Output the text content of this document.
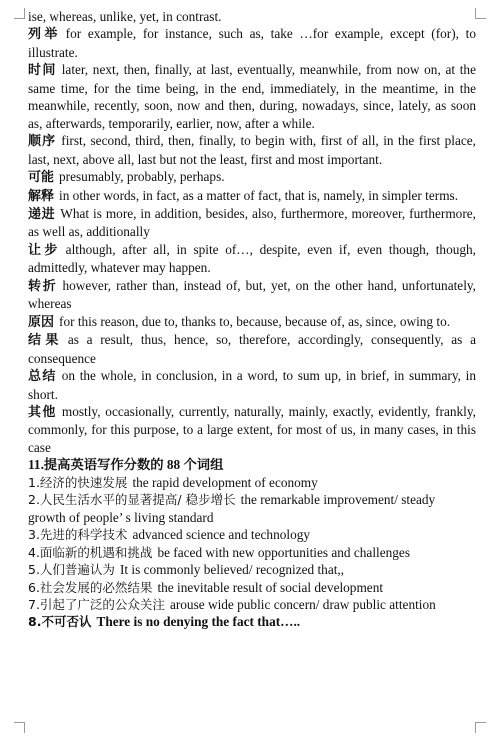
ise, whereas, unlike, yet, in contrast.

列举 for example, for instance, such as, take …for example, except (for), to illustrate.

时间 later, next, then, finally, at last, eventually, meanwhile, from now on, at the same time, for the time being, in the end, immediately, in the meantime, in the meanwhile, recently, soon, now and then, during, nowadays, since, lately, as soon as, afterwards, temporarily, earlier, now, after a while.

顺序 first, second, third, then, finally, to begin with, first of all, in the first place, last, next, above all, last but not the least, first and most important.

可能 presumably, probably, perhaps.

解释 in other words, in fact, as a matter of fact, that is, namely, in simpler terms.

递进 What is more, in addition, besides, also, furthermore, moreover, furthermore, as well as, additionally

让步 although, after all, in spite of…, despite, even if, even though, though, admittedly, whatever may happen.

转折 however, rather than, instead of, but, yet, on the other hand, unfortunately, whereas

原因 for this reason, due to, thanks to, because, because of, as, since, owing to.

结果 as a result, thus, hence, so, therefore, accordingly, consequently, as a consequence

总结 on the whole, in conclusion, in a word, to sum up, in brief, in summary, in short.

其他 mostly, occasionally, currently, naturally, mainly, exactly, evidently, frankly, commonly, for this purpose, to a large extent, for most of us, in many cases, in this case

11.提高英语写作分数的 88 个词组

1.经济的快速发展 the rapid development of economy

2.人民生活水平的显著提高/ 稳步增长 the remarkable improvement/ steady growth of people’ s living standard

3.先进的科学技术 advanced science and technology

4.面临新的机遇和挑战 be faced with new opportunities and challenges

5.人们普遍认为 It is commonly believed/ recognized that,,

6.社会发展的必然结果 the inevitable result of social development

7.引起了广泛的公众关注 arouse wide public concern/ draw public attention

8.不可否认 There is no denying the fact that…..
